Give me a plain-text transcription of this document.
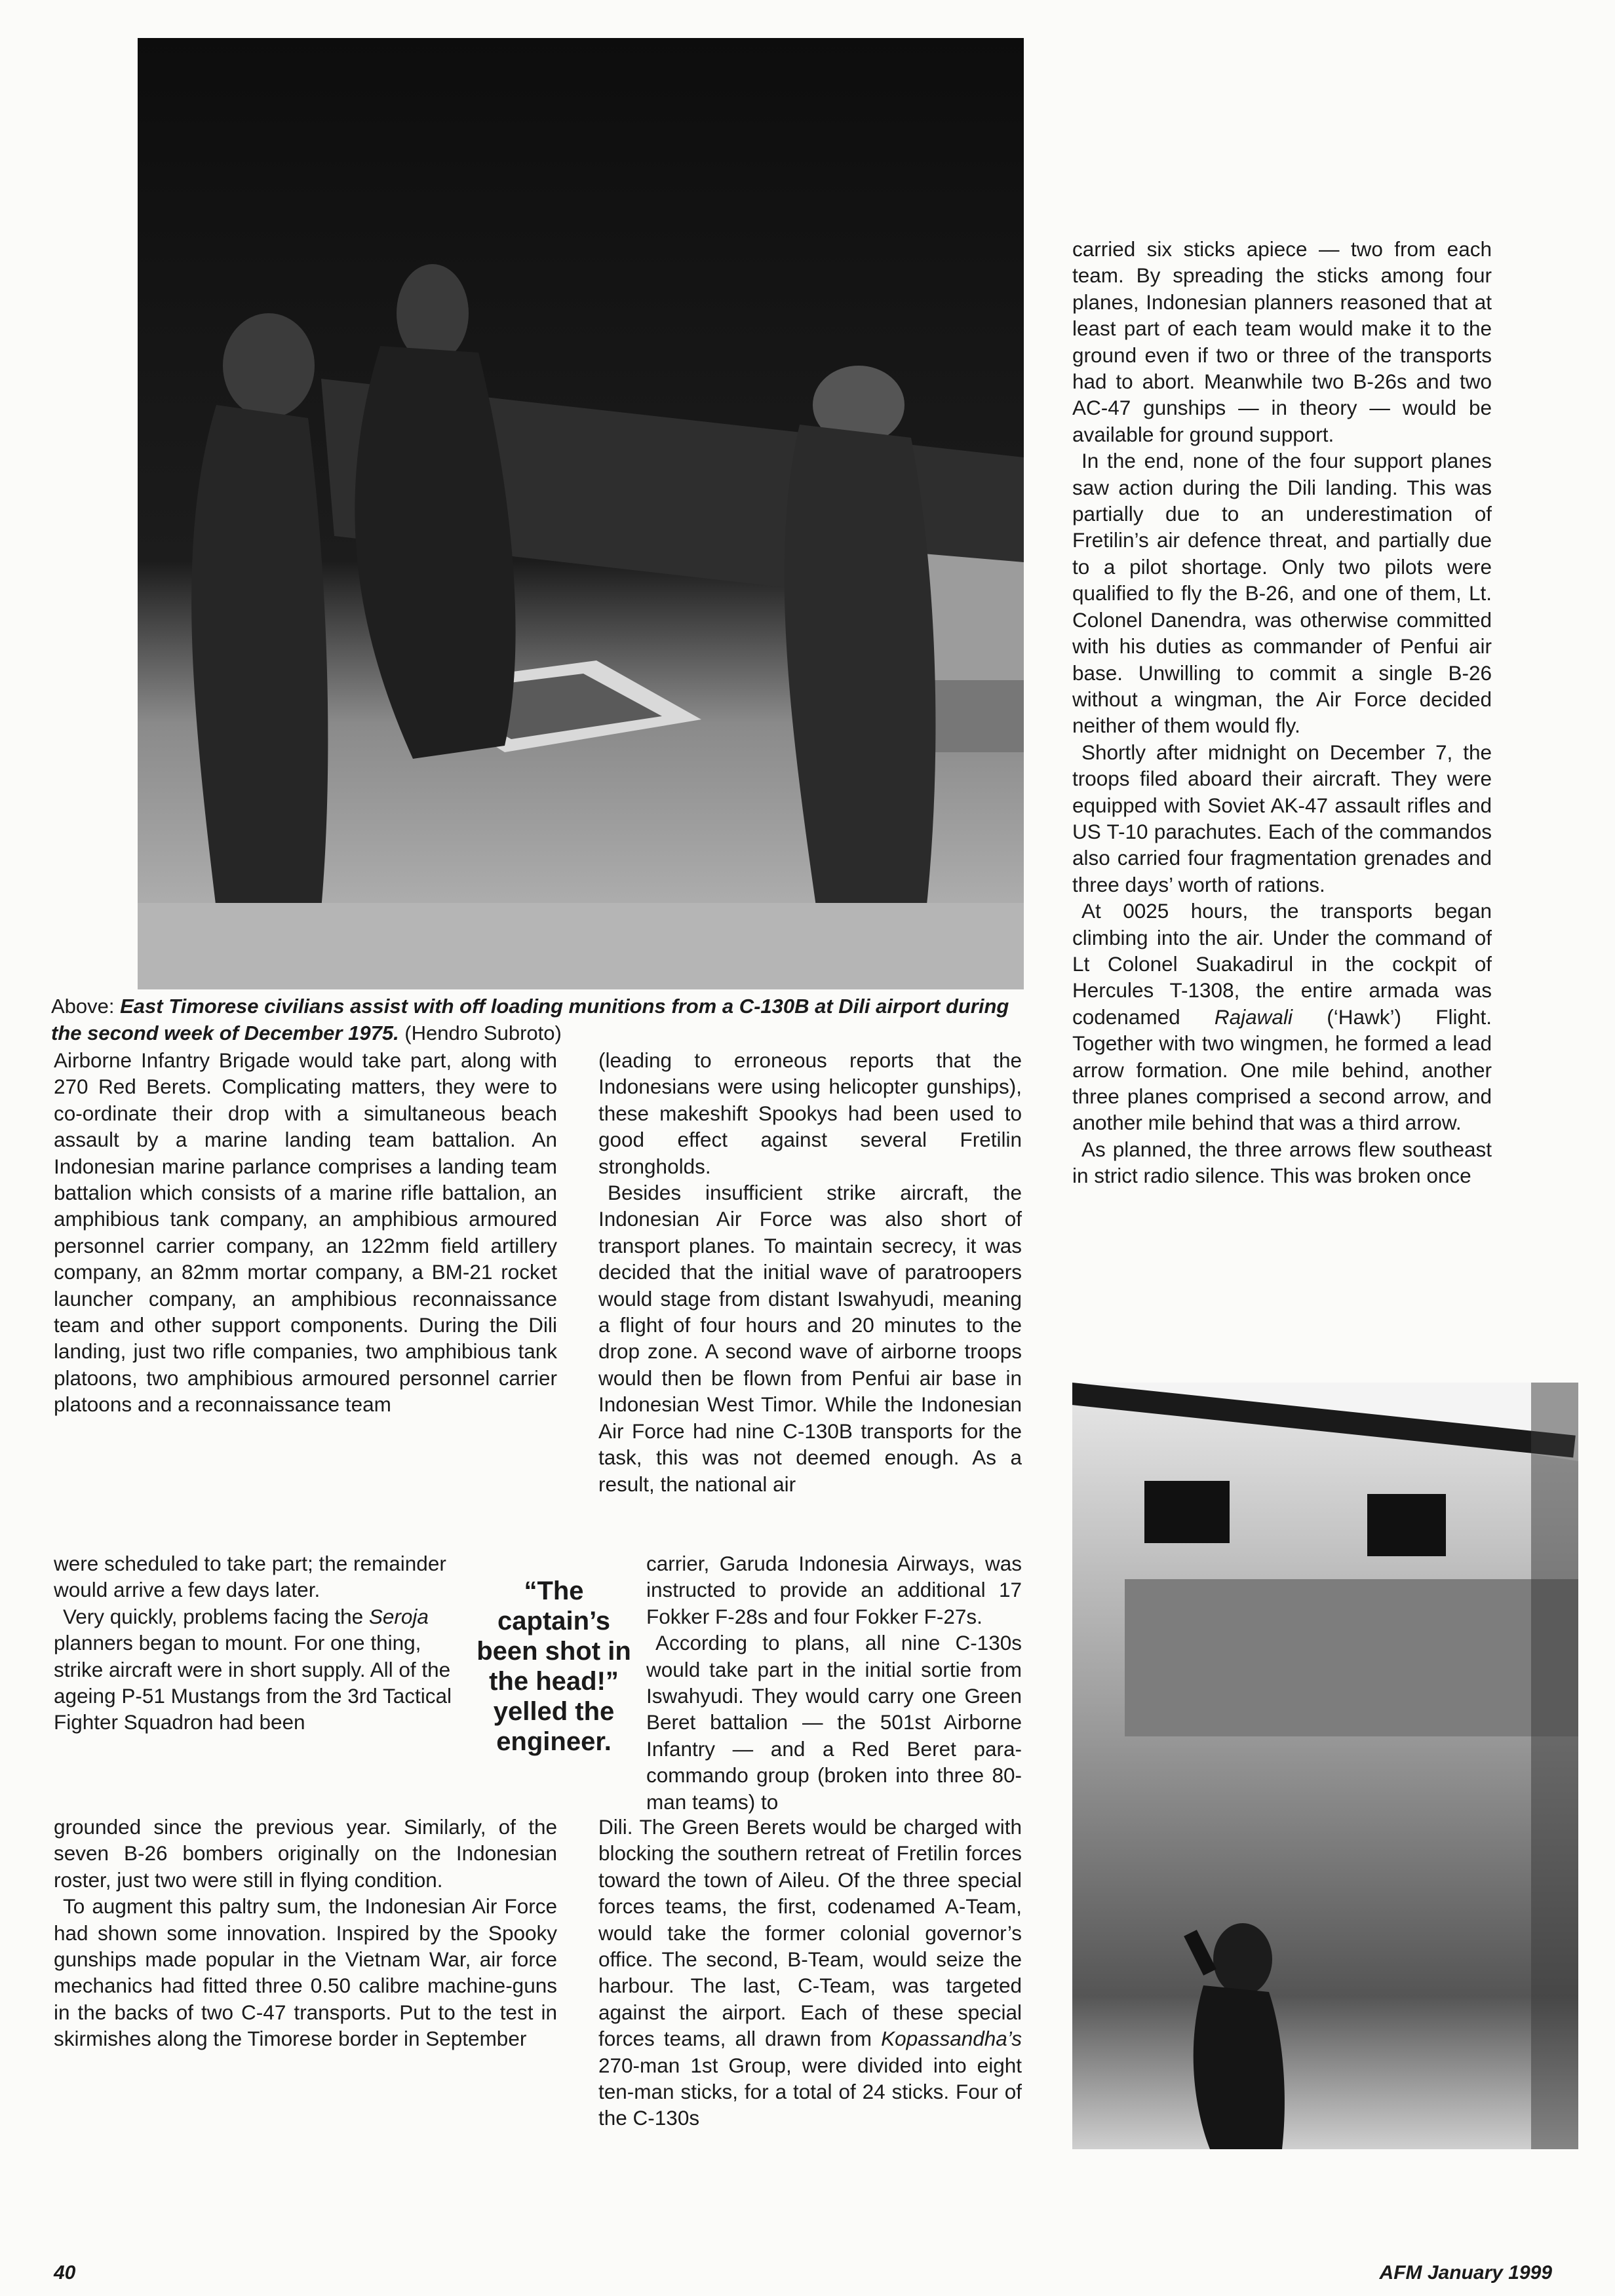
Above: East Timorese civilians assist with off loading munitions from a C-130B at Dili airport during the second week of December 1975. (Hendro Subroto)

Airborne Infantry Brigade would take part, along with 270 Red Berets. Complicating matters, they were to co-ordinate their drop with a simultaneous beach assault by a marine landing team battalion. An Indonesian marine parlance comprises a landing team battalion which consists of a marine rifle battalion, an amphibious tank company, an amphibious armoured personnel carrier company, an 122mm field artillery company, an 82mm mortar company, a BM-21 rocket launcher company, an amphibious reconnaissance team and other support components. During the Dili landing, just two rifle companies, two amphibious tank platoons, two amphibious armoured personnel carrier platoons and a reconnaissance team

were scheduled to take part; the remainder would arrive a few days later.

Very quickly, problems facing the Seroja planners began to mount. For one thing, strike aircraft were in short supply. All of the ageing P-51 Mustangs from the 3rd Tactical Fighter Squadron had been

grounded since the previous year. Similarly, of the seven B-26 bombers originally on the Indonesian roster, just two were still in flying condition.

To augment this paltry sum, the Indonesian Air Force had shown some innovation. Inspired by the Spooky gunships made popular in the Vietnam War, air force mechanics had fitted three 0.50 calibre machine-guns in the backs of two C-47 transports. Put to the test in skirmishes along the Timorese border in September

“The
captain’s
been shot in
the head!”
yelled the
engineer.

(leading to erroneous reports that the Indonesians were using helicopter gunships), these makeshift Spookys had been used to good effect against several Fretilin strongholds.

Besides insufficient strike aircraft, the Indonesian Air Force was also short of transport planes. To maintain secrecy, it was decided that the initial wave of paratroopers would stage from distant Iswahyudi, meaning a flight of four hours and 20 minutes to the drop zone. A second wave of airborne troops would then be flown from Penfui air base in Indonesian West Timor. While the Indonesian Air Force had nine C-130B transports for the task, this was not deemed enough. As a result, the national air

carrier, Garuda Indonesia Airways, was instructed to provide an additional 17 Fokker F-28s and four Fokker F-27s.

According to plans, all nine C-130s would take part in the initial sortie from Iswahyudi. They would carry one Green Beret battalion — the 501st Airborne Infantry — and a Red Beret para- commando group (broken into three 80-man teams) to

Dili. The Green Berets would be charged with blocking the southern retreat of Fretilin forces toward the town of Aileu. Of the three special forces teams, the first, codenamed A-Team, would take the former colonial governor’s office. The second, B-Team, would seize the harbour. The last, C-Team, was targeted against the airport. Each of these special forces teams, all drawn from Kopassandha’s 270-man 1st Group, were divided into eight ten-man sticks, for a total of 24 sticks. Four of the C-130s

carried six sticks apiece — two from each team. By spreading the sticks among four planes, Indonesian planners reasoned that at least part of each team would make it to the ground even if two or three of the transports had to abort. Meanwhile two B-26s and two AC-47 gunships — in theory — would be available for ground support.

In the end, none of the four support planes saw action during the Dili landing. This was partially due to an underestimation of Fretilin’s air defence threat, and partially due to a pilot shortage. Only two pilots were qualified to fly the B-26, and one of them, Lt. Colonel Danendra, was otherwise committed with his duties as commander of Penfui air base. Unwilling to commit a single B-26 without a wingman, the Air Force decided neither of them would fly.

Shortly after midnight on December 7, the troops filed aboard their aircraft. They were equipped with Soviet AK-47 assault rifles and US T-10 parachutes. Each of the commandos also carried four fragmentation grenades and three days’ worth of rations.

At 0025 hours, the transports began climbing into the air. Under the command of Lt Colonel Suakadirul in the cockpit of Hercules T-1308, the entire armada was codenamed Rajawali (‘Hawk’) Flight. Together with two wingmen, he formed a lead arrow formation. One mile behind, another three planes comprised a second arrow, and another mile behind that was a third arrow.

As planned, the three arrows flew southeast in strict radio silence. This was broken once

40	AFM January 1999
